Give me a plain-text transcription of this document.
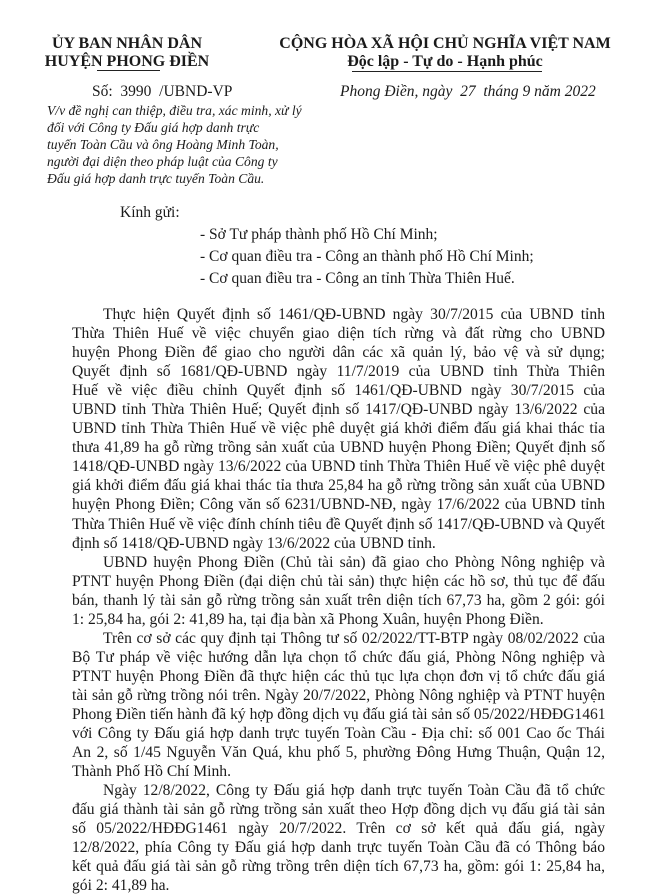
ỦY BAN NHÂN DÂN
HUYỆN PHONG ĐIỀN
CỘNG HÒA XÃ HỘI CHỦ NGHĨA VIỆT NAM
Độc lập - Tự do - Hạnh phúc
Số:  3990  /UBND-VP	Phong Điền, ngày  27  tháng 9 năm 2022
V/v đề nghị can thiệp, điều tra, xác minh, xử lý
đối với Công ty Đấu giá hợp danh trực
tuyến Toàn Cầu và ông Hoàng Minh Toàn,
người đại diện theo pháp luật của Công ty
Đấu giá hợp danh trực tuyến Toàn Cầu.
Kính gửi:
- Sở Tư pháp thành phố Hồ Chí Minh;
- Cơ quan điều tra - Công an thành phố Hồ Chí Minh;
- Cơ quan điều tra - Công an tỉnh Thừa Thiên Huế.
Thực hiện Quyết định số 1461/QĐ-UBND ngày 30/7/2015 của UBND tỉnh
Thừa Thiên Huế về việc chuyển giao diện tích rừng và đất rừng cho UBND
huyện Phong Điền để giao cho người dân các xã quản lý, bảo vệ và sử dụng;
Quyết định số 1681/QĐ-UBND ngày 11/7/2019 của UBND tỉnh Thừa Thiên
Huế về việc điều chỉnh Quyết định số 1461/QĐ-UBND ngày 30/7/2015 của
UBND tỉnh Thừa Thiên Huế; Quyết định số 1417/QĐ-UNBD ngày 13/6/2022 của
UBND tỉnh Thừa Thiên Huế về việc phê duyệt giá khởi điểm đấu giá khai thác tỉa
thưa 41,89 ha gỗ rừng trồng sản xuất của UBND huyện Phong Điền; Quyết định số
1418/QĐ-UNBD ngày 13/6/2022 của UBND tỉnh Thừa Thiên Huế về việc phê duyệt
giá khởi điểm đấu giá khai thác tỉa thưa 25,84 ha gỗ rừng trồng sản xuất của UBND
huyện Phong Điền; Công văn số 6231/UBND-NĐ, ngày 17/6/2022 của UBND tỉnh
Thừa Thiên Huế về việc đính chính tiêu đề Quyết định số 1417/QĐ-UBND và Quyết
định số 1418/QĐ-UBND ngày 13/6/2022 của UBND tỉnh.
UBND huyện Phong Điền (Chủ tài sản) đã giao cho Phòng Nông nghiệp và
PTNT huyện Phong Điền (đại diện chủ tài sản) thực hiện các hồ sơ, thủ tục để đấu
bán, thanh lý tài sản gỗ rừng trồng sản xuất trên diện tích 67,73 ha, gồm 2 gói: gói
1: 25,84 ha, gói 2: 41,89 ha, tại địa bàn xã Phong Xuân, huyện Phong Điền.
Trên cơ sở các quy định tại Thông tư số 02/2022/TT-BTP ngày 08/02/2022 của
Bộ Tư pháp về việc hướng dẫn lựa chọn tổ chức đấu giá, Phòng Nông nghiệp và
PTNT huyện Phong Điền đã thực hiện các thủ tục lựa chọn đơn vị tổ chức đấu giá
tài sản gỗ rừng trồng nói trên. Ngày 20/7/2022, Phòng Nông nghiệp và PTNT huyện
Phong Điền tiến hành đã ký hợp đồng dịch vụ đấu giá tài sản số 05/2022/HĐĐG1461
với Công ty Đấu giá hợp danh trực tuyến Toàn Cầu - Địa chỉ: số 001 Cao ốc Thái
An 2, số 1/45 Nguyễn Văn Quá, khu phố 5, phường Đông Hưng Thuận, Quận 12,
Thành Phố Hồ Chí Minh.
Ngày 12/8/2022, Công ty Đấu giá hợp danh trực tuyến Toàn Cầu đã tổ chức
đấu giá thành tài sản gỗ rừng trồng sản xuất theo Hợp đồng dịch vụ đấu giá tài sản
số 05/2022/HĐĐG1461 ngày 20/7/2022. Trên cơ sở kết quả đấu giá, ngày
12/8/2022, phía Công ty Đấu giá hợp danh trực tuyến Toàn Cầu đã có Thông báo
kết quả đấu giá tài sản gỗ rừng trồng trên diện tích 67,73 ha, gồm: gói 1: 25,84 ha,
gói 2: 41,89 ha.
